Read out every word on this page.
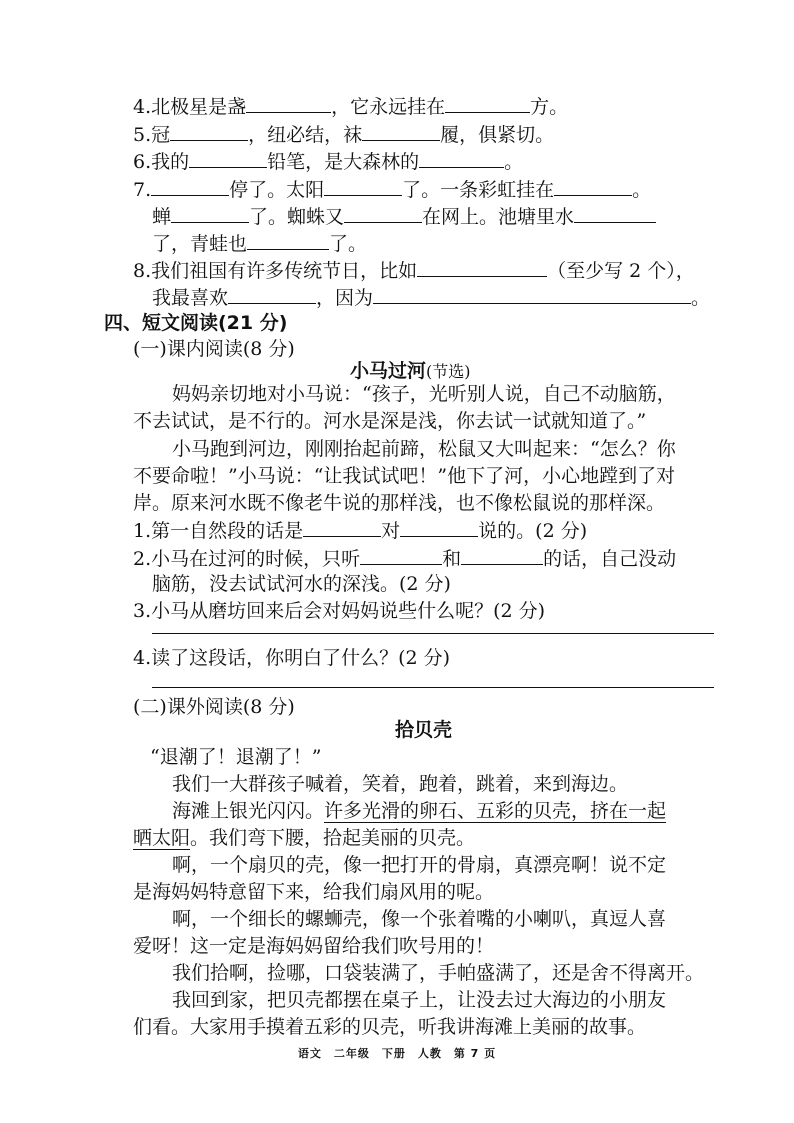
4.北极星是盏	，它永远挂在	方。
5.冠	，纽必结，袜	履，俱紧切。
6.我的	铅笔，是大森林的	。
7.	停了。太阳	了。一条彩虹挂在	。
蝉	了。蜘蛛又	在网上。池塘里水
了，青蛙也	了。
8.我们祖国有许多传统节日，比如	（至少写 2 个），
我最喜欢	，因为	。
四、短文阅读(21 分)
(一)课内阅读(8 分)
小马过河(节选)
妈妈亲切地对小马说：“孩子，光听别人说，自己不动脑筋，
不去试试，是不行的。河水是深是浅，你去试一试就知道了。”
小马跑到河边，刚刚抬起前蹄，松鼠又大叫起来：“怎么？你
不要命啦！”小马说：“让我试试吧！”他下了河，小心地蹚到了对
岸。原来河水既不像老牛说的那样浅，也不像松鼠说的那样深。
1.第一自然段的话是	对	说的。(2 分)
2.小马在过河的时候，只听	和	的话，自己没动
脑筋，没去试试河水的深浅。(2 分)
3.小马从磨坊回来后会对妈妈说些什么呢？(2 分)
4.读了这段话，你明白了什么？(2 分)
(二)课外阅读(8 分)
拾贝壳
“退潮了！退潮了！”
我们一大群孩子喊着，笑着，跑着，跳着，来到海边。
海滩上银光闪闪。许多光滑的卵石、五彩的贝壳，挤在一起
晒太阳。我们弯下腰，拾起美丽的贝壳。
啊，一个扇贝的壳，像一把打开的骨扇，真漂亮啊！说不定
是海妈妈特意留下来，给我们扇风用的呢。
啊，一个细长的螺蛳壳，像一个张着嘴的小喇叭，真逗人喜
爱呀！这一定是海妈妈留给我们吹号用的！
我们拾啊，捡哪，口袋装满了，手帕盛满了，还是舍不得离开。
我回到家，把贝壳都摆在桌子上，让没去过大海边的小朋友
们看。大家用手摸着五彩的贝壳，听我讲海滩上美丽的故事。
语文　二年级　下册　人教　第 7 页
